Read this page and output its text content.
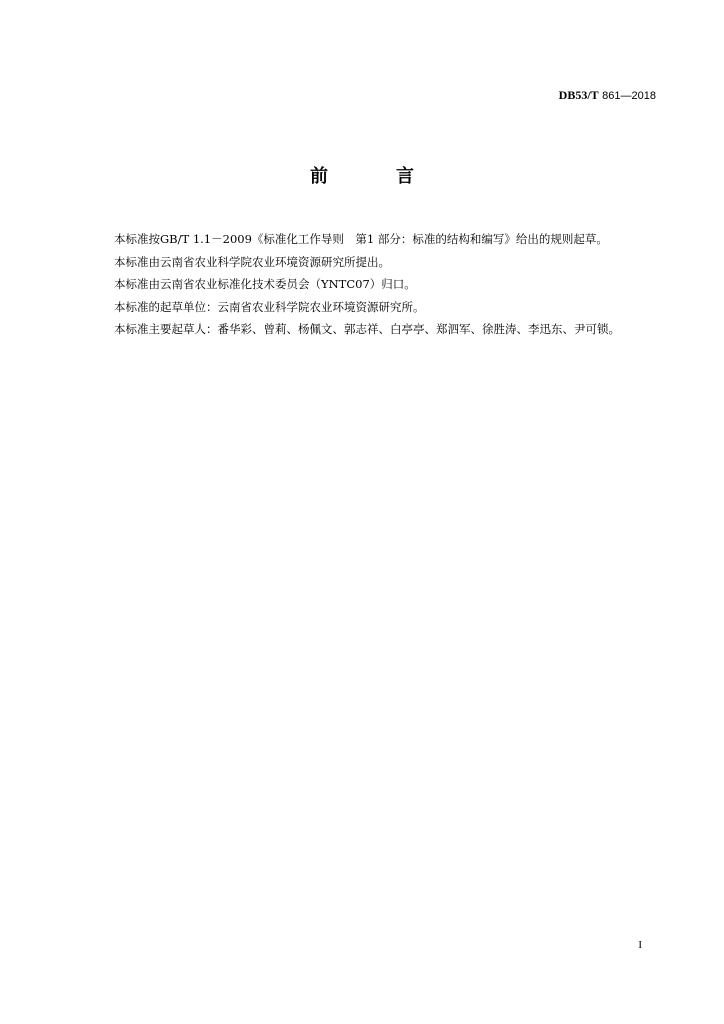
DB53/T 861—2018
前言
本标准按GB/T 1.1－2009《标准化工作导则　第1 部分：标准的结构和编写》给出的规则起草。
本标准由云南省农业科学院农业环境资源研究所提出。
本标准由云南省农业标准化技术委员会（YNTC07）归口。
本标准的起草单位：云南省农业科学院农业环境资源研究所。
本标准主要起草人：番华彩、曾莉、杨佩文、郭志祥、白亭亭、郑泗军、徐胜涛、李迅东、尹可锁。
I
